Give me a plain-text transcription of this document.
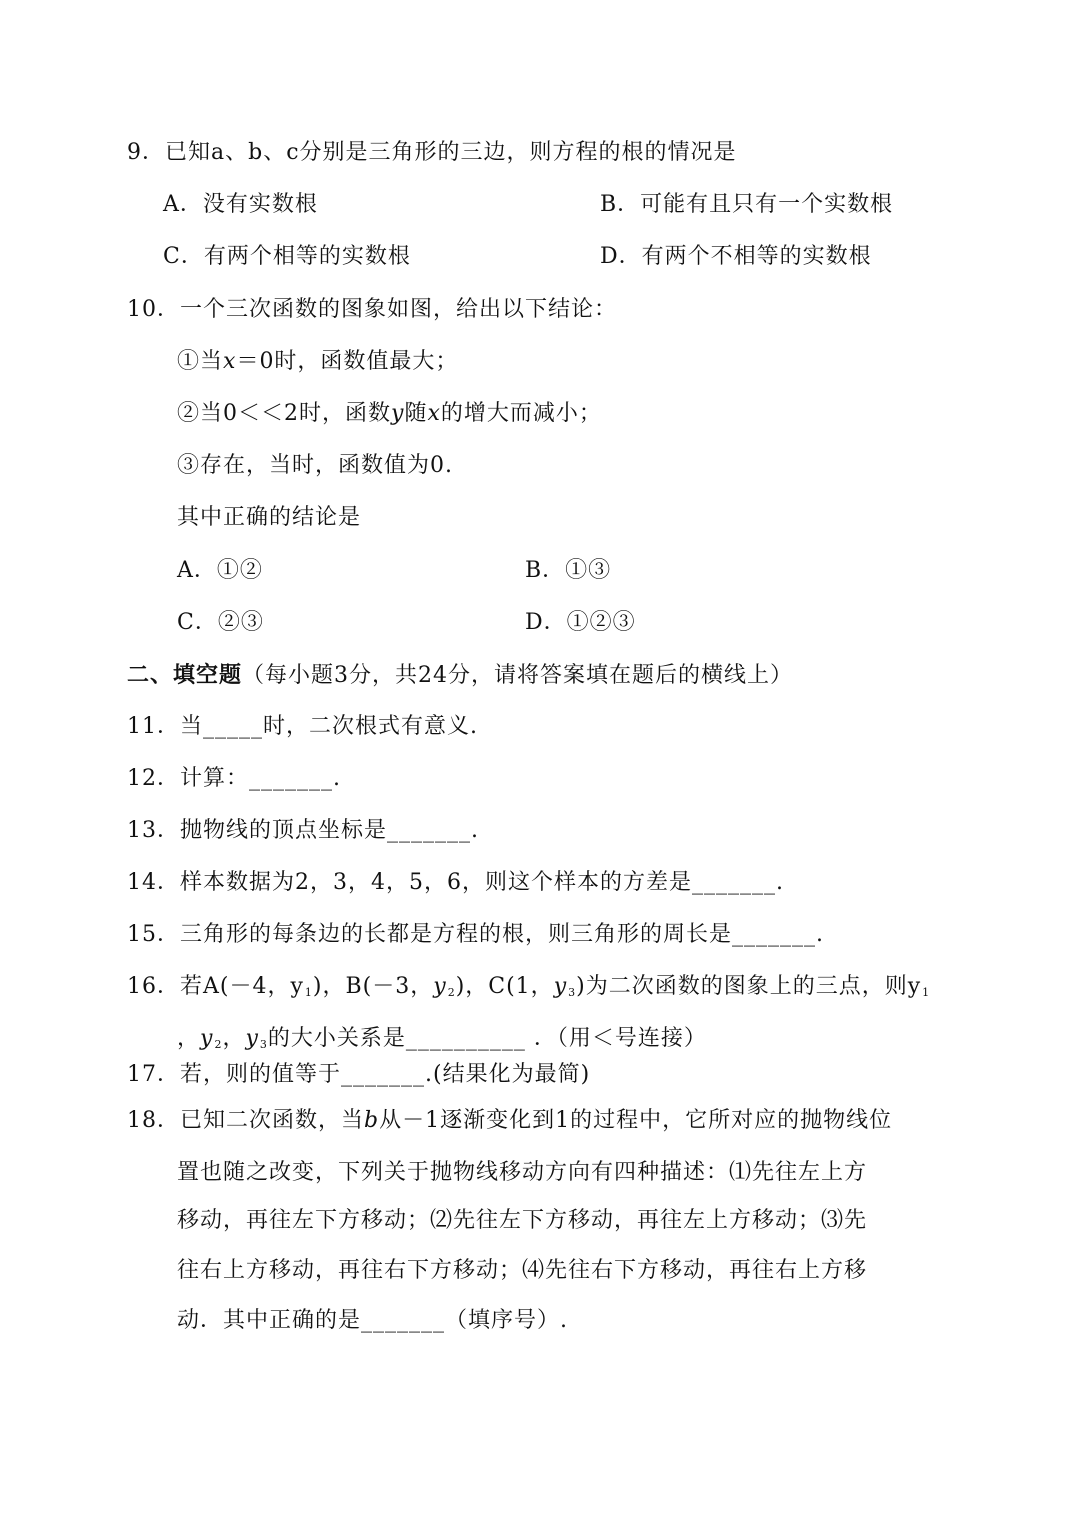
9．已知a、b、c分别是三角形的三边，则方程的根的情况是
A．没有实数根	B．可能有且只有一个实数根
C．有两个相等的实数根	D．有两个不相等的实数根
10．一个三次函数的图象如图，给出以下结论：
①当x＝0时，函数值最大；
②当0＜＜2时，函数y随x的增大而减小；
③存在，当时，函数值为0.
其中正确的结论是
A．①②	B．①③
C．②③	D．①②③
二、填空题（每小题3分，共24分，请将答案填在题后的横线上）
11．当_____时，二次根式有意义.
12．计算：_______.
13．抛物线的顶点坐标是_______.
14．样本数据为2，3，4，5，6，则这个样本的方差是_______.
15．三角形的每条边的长都是方程的根，则三角形的周长是_______.
16．若A(－4，$y_1$)，B(－3，$y_2$)，C(1，$y_3$)为二次函数的图象上的三点，则$y_1$
，$y_2$，$y_3$的大小关系是__________ ．（用＜号连接）
17．若，则的值等于_______.(结果化为最简)
18．已知二次函数，当b从－1逐渐变化到1的过程中，它所对应的抛物线位
置也随之改变，下列关于抛物线移动方向有四种描述：⑴先往左上方
移动，再往左下方移动；⑵先往左下方移动，再往左上方移动；⑶先
往右上方移动，再往右下方移动；⑷先往右下方移动，再往右上方移
动．其中正确的是_______（填序号）.
